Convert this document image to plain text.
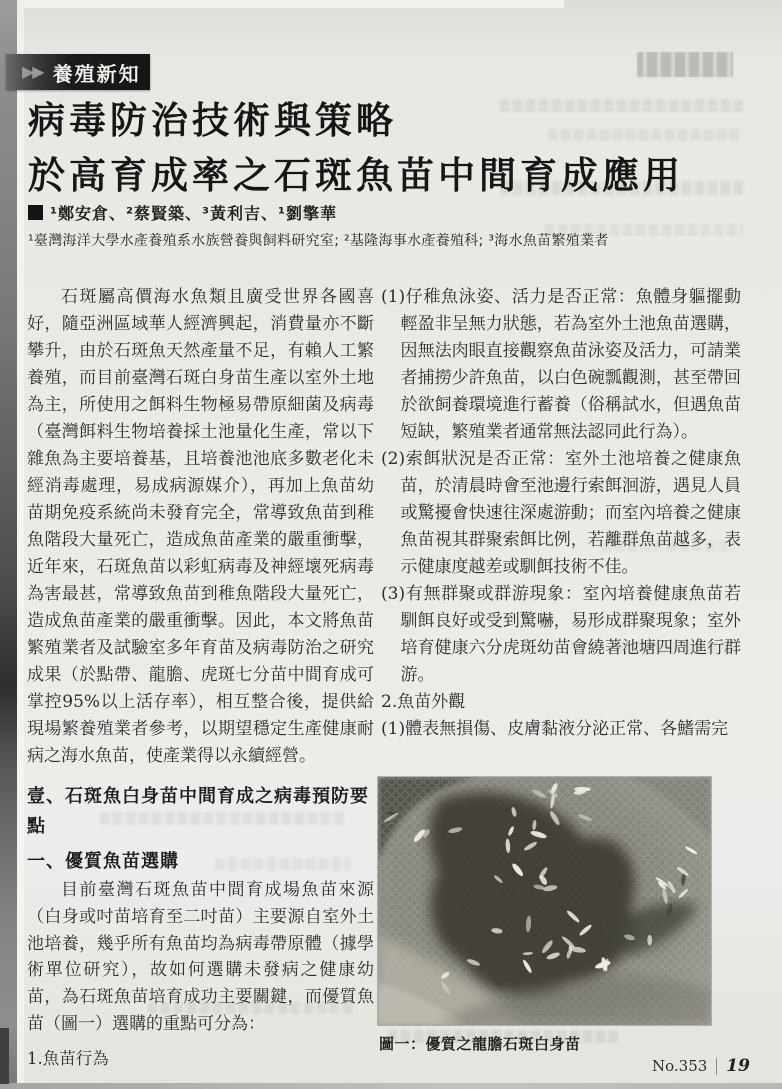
▶▶ 養殖新知
病毒防治技術與策略
於高育成率之石斑魚苗中間育成應用
¹鄭安倉、²蔡賢築、³黃利吉、¹劉擎華
¹臺灣海洋大學水產養殖系水族營養與飼料研究室; ²基隆海事水產養殖科; ³海水魚苗繁殖業者

石斑屬高價海水魚類且廣受世界各國喜好，隨亞洲區域華人經濟興起，消費量亦不斷攀升，由於石斑魚天然產量不足，有賴人工繁養殖，而目前臺灣石斑白身苗生產以室外土地為主，所使用之餌料生物極易帶原細菌及病毒（臺灣餌料生物培養採土池量化生產，常以下雜魚為主要培養基，且培養池池底多數老化未經消毒處理，易成病源媒介），再加上魚苗幼苗期免疫系統尚未發育完全，常導致魚苗到稚魚階段大量死亡，造成魚苗產業的嚴重衝擊，近年來，石斑魚苗以彩虹病毒及神經壞死病毒為害最甚，常導致魚苗到稚魚階段大量死亡，造成魚苗產業的嚴重衝擊。因此，本文將魚苗繁殖業者及試驗室多年育苗及病毒防治之研究成果（於點帶、龍膽、虎斑七分苗中間育成可掌控95%以上活存率），相互整合後，提供給現場繁養殖業者參考，以期望穩定生產健康耐病之海水魚苗，使產業得以永續經營。

壹、石斑魚白身苗中間育成之病毒預防要點

一、優質魚苗選購

目前臺灣石斑魚苗中間育成場魚苗來源（白身或吋苗培育至二吋苗）主要源自室外土池培養，幾乎所有魚苗均為病毒帶原體（據學術單位研究），故如何選購未發病之健康幼苗，為石斑魚苗培育成功主要關鍵，而優質魚苗（圖一）選購的重點可分為：

1.魚苗行為

(1)仔稚魚泳姿、活力是否正常：魚體身軀擺動輕盈非呈無力狀態，若為室外土池魚苗選購，因無法肉眼直接觀察魚苗泳姿及活力，可請業者捕撈少許魚苗，以白色碗瓢觀測，甚至帶回於欲飼養環境進行蓄養（俗稱試水，但遇魚苗短缺，繁殖業者通常無法認同此行為）。

(2)索餌狀況是否正常：室外土池培養之健康魚苗，於清晨時會至池邊行索餌洄游，遇見人員或驚擾會快速往深處游動；而室內培養之健康魚苗視其群聚索餌比例，若離群魚苗越多，表示健康度越差或馴餌技術不佳。

(3)有無群聚或群游現象：室內培養健康魚苗若馴餌良好或受到驚嚇，易形成群聚現象；室外培育健康六分虎斑幼苗會繞著池塘四周進行群游。

2.魚苗外觀

(1)體表無損傷、皮膚黏液分泌正常、各鰭需完

圖一：優質之龍膽石斑白身苗
No.353 19
